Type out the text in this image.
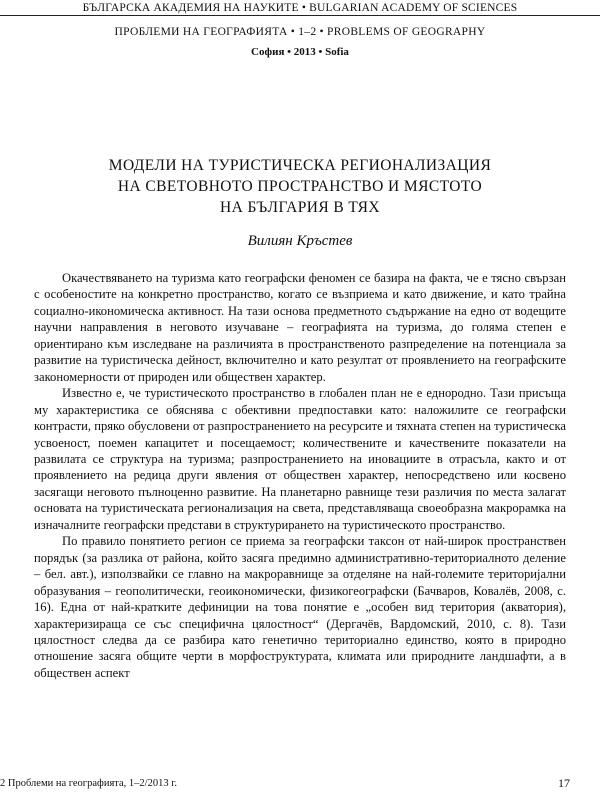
БЪЛГАРСКА АКАДЕМИЯ НА НАУКИТЕ • BULGARIAN ACADEMY OF SCIENCES
ПРОБЛЕМИ НА ГЕОГРАФИЯТА • 1–2 • PROBLEMS OF GEOGRAPHY
София • 2013 • Sofia
МОДЕЛИ НА ТУРИСТИЧЕСКА РЕГИОНАЛИЗАЦИЯ
НА СВЕТОВНОТО ПРОСТРАНСТВО И МЯСТОТО
НА БЪЛГАРИЯ В ТЯХ
Вилиян Кръстев

Окачествяването на туризма като географски феномен се базира на факта, че е тясно свързан с особеностите на конкретно пространство, когато се възприема и като движение, и като трайна социално-икономическа активност. На тази основа предметното съдържание на едно от водещите научни направления в неговото изучаване – географията на туризма, до голяма степен е ориентирано към изследване на различията в пространственото разпределение на потенциала за развитие на туристическа дейност, включително и като резултат от проявлението на географските закономерности от природен или обществен характер.

Известно е, че туристическото пространство в глобален план не е еднородно. Тази присъща му характеристика се обяснява с обективни предпоставки като: наложилите се географски контрасти, пряко обусловени от разпространението на ресурсите и тяхната степен на туристическа усвоеност, поемен капацитет и посещаемост; количествените и качествените показатели на развилата се структура на туризма; разпространението на иновациите в отрасъла, както и от проявлението на редица други явления от обществен характер, непосредствено или косвено засягащи неговото пълноценно развитие. На планетарно равнище тези различия по места залагат основата на туристическата регионализация на света, представляваща своеобразна макрорамка на изначалните географски представи в структурирането на туристическото пространство.

По правило понятието регион се приема за географски таксон от най-широк пространствен порядък (за разлика от района, който засяга предимно административно-териториалното деление – бел. авт.), използвайки се главно на макроравнище за отделяне на най-големите територијални образувания – геополитически, геоикономически, физикогеографски (Бачваров, Ковалёв, 2008, с. 16). Една от най-кратките дефиниции на това понятие е „особен вид територия (акватория), характеризираща се със специфична цялостност“ (Дергачёв, Вардомский, 2010, с. 8). Тази цялостност следва да се разбира като генетично териториално единство, която в природно отношение засяга общите черти в морфоструктурата, климата или природните ландшафти, а в обществен аспект

2 Проблеми на географията, 1–2/2013 г.	17
